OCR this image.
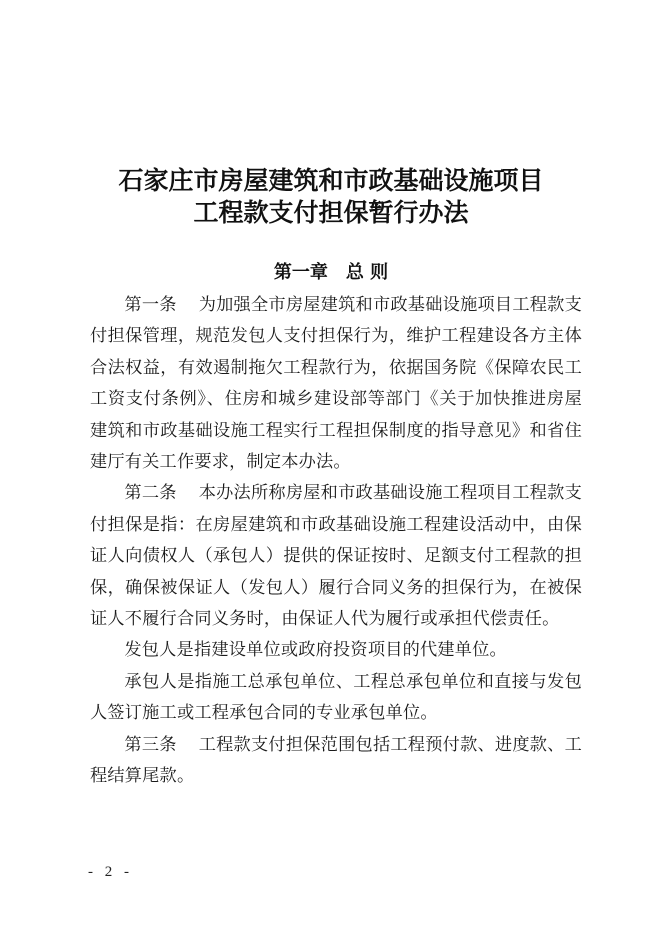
石家庄市房屋建筑和市政基础设施项目
工程款支付担保暂行办法
第一章 总 则

第一条 为加强全市房屋建筑和市政基础设施项目工程款支付担保管理，规范发包人支付担保行为，维护工程建设各方主体合法权益，有效遏制拖欠工程款行为，依据国务院《保障农民工工资支付条例》、住房和城乡建设部等部门《关于加快推进房屋建筑和市政基础设施工程实行工程担保制度的指导意见》和省住建厅有关工作要求，制定本办法。

第二条 本办法所称房屋和市政基础设施工程项目工程款支付担保是指：在房屋建筑和市政基础设施工程建设活动中，由保证人向债权人（承包人）提供的保证按时、足额支付工程款的担保，确保被保证人（发包人）履行合同义务的担保行为，在被保证人不履行合同义务时，由保证人代为履行或承担代偿责任。

发包人是指建设单位或政府投资项目的代建单位。

承包人是指施工总承包单位、工程总承包单位和直接与发包人签订施工或工程承包合同的专业承包单位。

第三条 工程款支付担保范围包括工程预付款、进度款、工程结算尾款。

- 2 -
